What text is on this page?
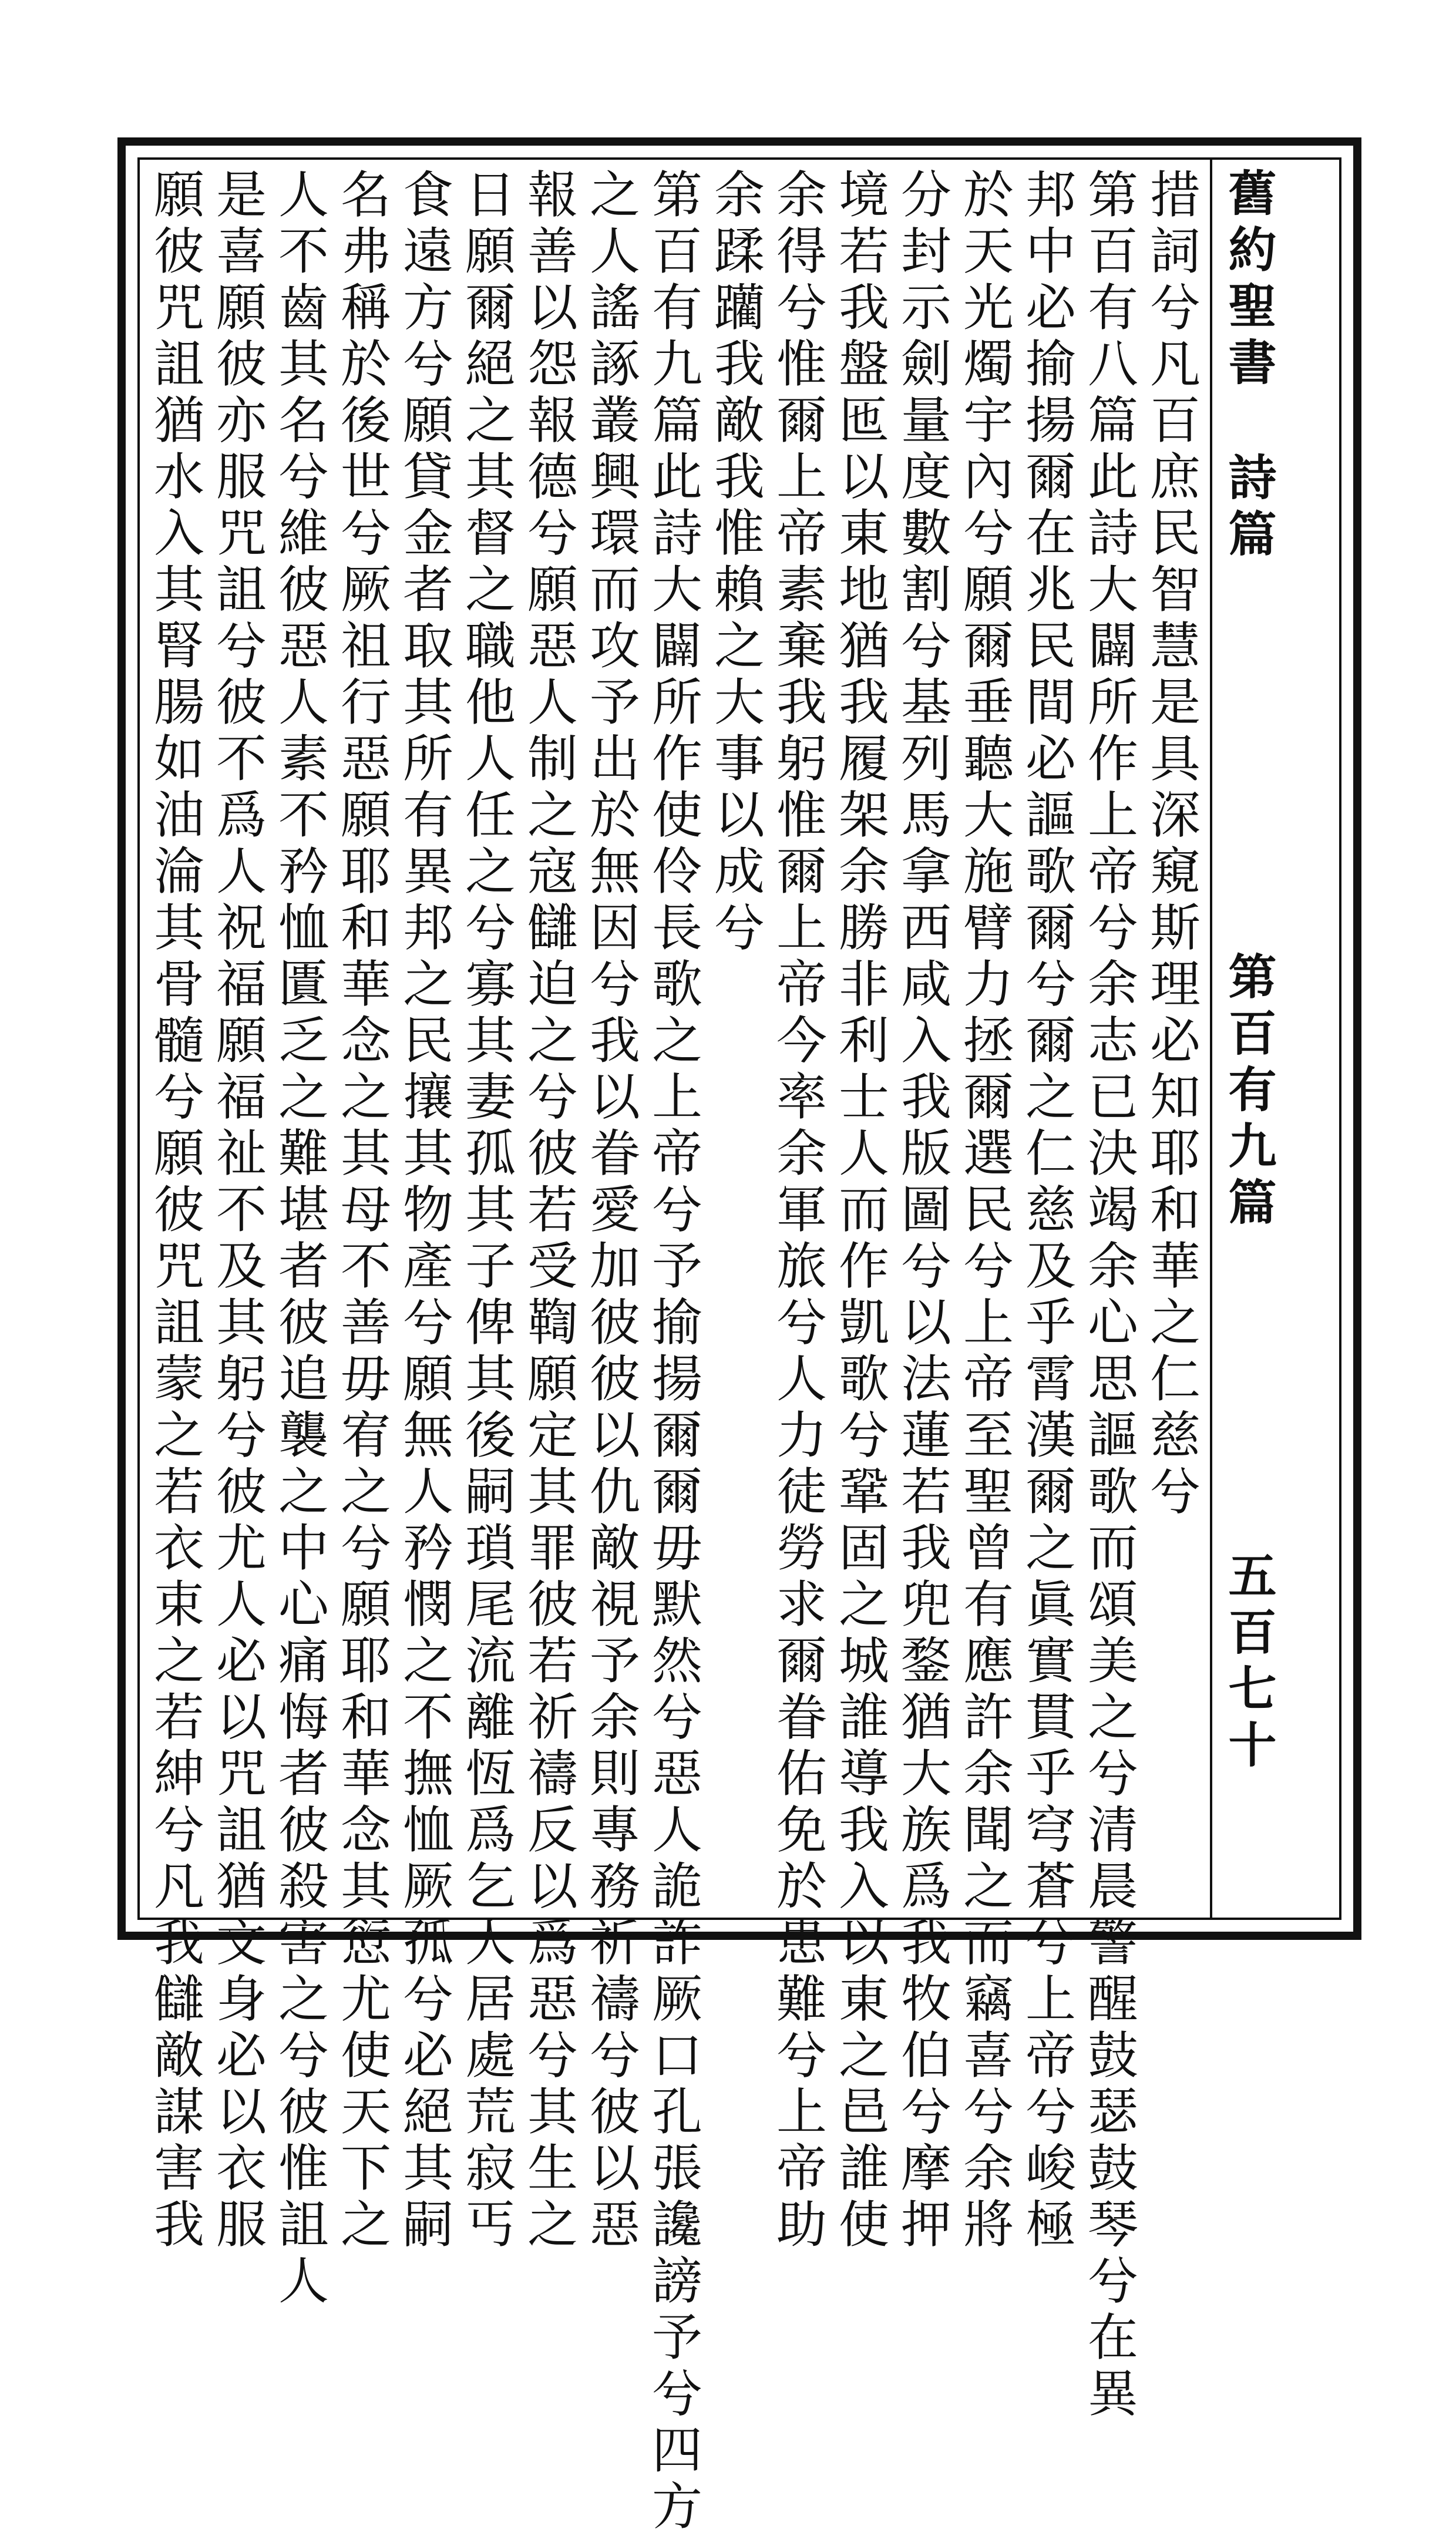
舊約聖書
詩篇
第百有九篇
五百七十
措詞兮凡百庶民智慧是具深窺斯理必知耶和華之仁慈兮
第百有八篇此詩大闢所作上帝兮余志已決竭余心思謳歌而頌美之兮清晨警醒鼓瑟鼓琴兮在異
邦中必揄揚爾在兆民間必謳歌爾兮爾之仁慈及乎霄漢爾之眞實貫乎穹蒼兮上帝兮峻極
於天光燭宇內兮願爾垂聽大施臂力拯爾選民兮上帝至聖曾有應許余聞之而竊喜兮余將
分封示劍量度數割兮基列馬拿西咸入我版圖兮以法蓮若我兜鍪猶大族爲我牧伯兮摩押
境若我盤匜以東地猶我履架余勝非利士人而作凱歌兮鞏固之城誰導我入以東之邑誰使
余得兮惟爾上帝素棄我躬惟爾上帝今率余軍旅兮人力徒勞求爾眷佑免於患難兮上帝助
余蹂躪我敵我惟賴之大事以成兮
第百有九篇此詩大闢所作使伶長歌之上帝兮予揄揚爾爾毋默然兮惡人詭詐厥口孔張讒謗予兮四方
之人謠諑叢興環而攻予出於無因兮我以眷愛加彼彼以仇敵視予余則專務祈禱兮彼以惡
報善以怨報德兮願惡人制之寇讎迫之兮彼若受鞫願定其罪彼若祈禱反以爲惡兮其生之
日願爾絕之其督之職他人任之兮寡其妻孤其子俾其後嗣瑣尾流離恆爲乞人居處荒寂丐
食遠方兮願貸金者取其所有異邦之民攘其物產兮願無人矜憫之不撫恤厥孤兮必絕其嗣
名弗稱於後世兮厥祖行惡願耶和華念之其母不善毋宥之兮願耶和華念其愆尤使天下之
人不齒其名兮維彼惡人素不矜恤匱乏之難堪者彼追襲之中心痛悔者彼殺害之兮彼惟詛人
是喜願彼亦服咒詛兮彼不爲人祝福願福祉不及其躬兮彼尤人必以咒詛猶文身必以衣服
願彼咒詛猶水入其腎腸如油淪其骨髓兮願彼咒詛蒙之若衣束之若紳兮凡我讎敵謀害我
